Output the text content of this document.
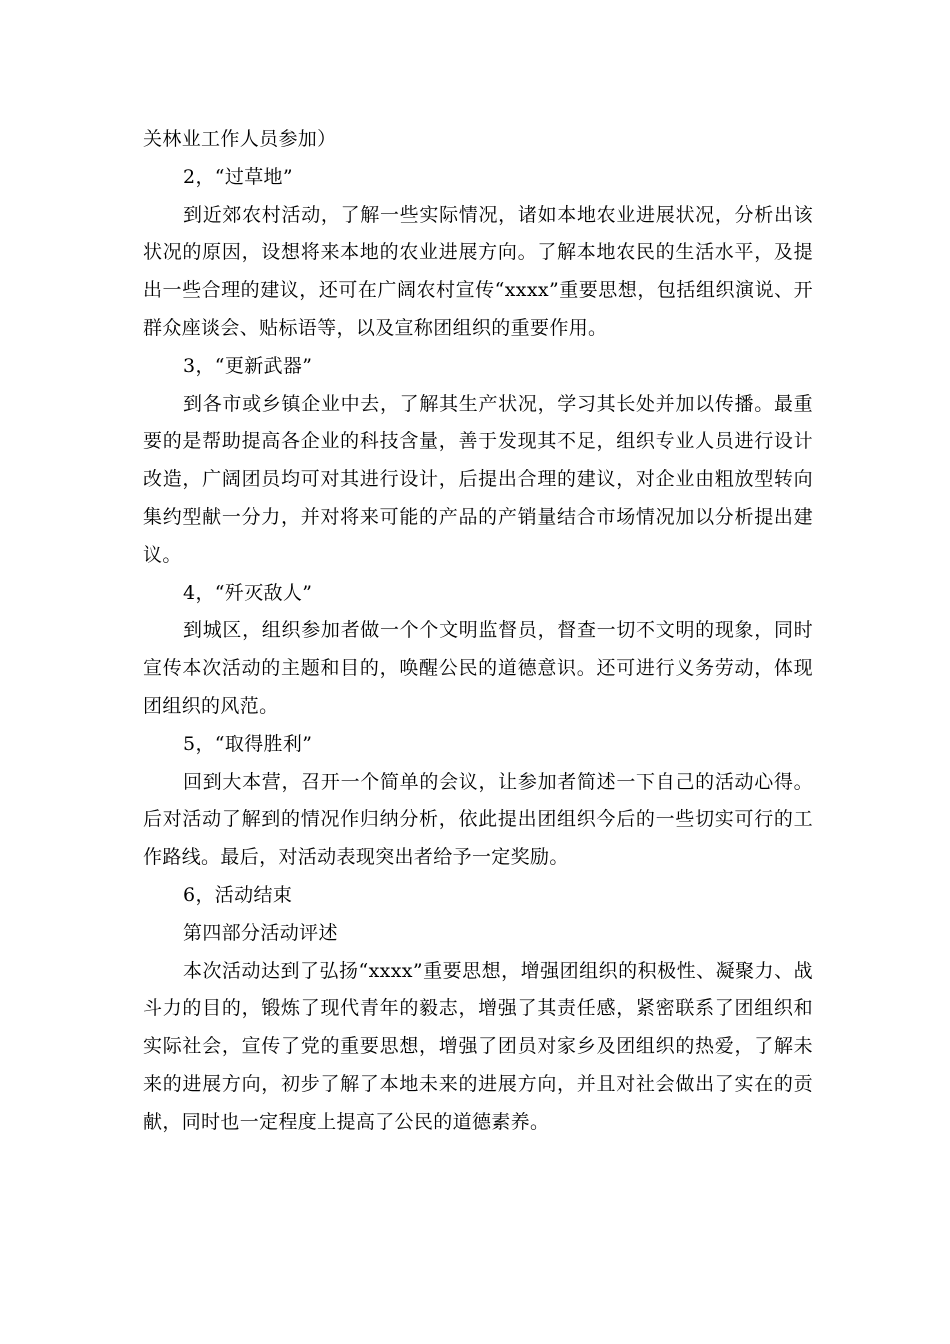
关林业工作人员参加）

2，“过草地”

到近郊农村活动，了解一些实际情况，诸如本地农业进展状况，分析出该状况的原因，设想将来本地的农业进展方向。了解本地农民的生活水平，及提出一些合理的建议，还可在广阔农村宣传“xxxx”重要思想，包括组织演说、开群众座谈会、贴标语等，以及宣称团组织的重要作用。

3，“更新武器”

到各市或乡镇企业中去，了解其生产状况，学习其长处并加以传播。最重要的是帮助提高各企业的科技含量，善于发现其不足，组织专业人员进行设计改造，广阔团员均可对其进行设计，后提出合理的建议，对企业由粗放型转向集约型献一分力，并对将来可能的产品的产销量结合市场情况加以分析提出建议。

4，“歼灭敌人”

到城区，组织参加者做一个个文明监督员，督查一切不文明的现象，同时宣传本次活动的主题和目的，唤醒公民的道德意识。还可进行义务劳动，体现团组织的风范。

5，“取得胜利”

回到大本营，召开一个简单的会议，让参加者简述一下自己的活动心得。后对活动了解到的情况作归纳分析，依此提出团组织今后的一些切实可行的工作路线。最后，对活动表现突出者给予一定奖励。

6，活动结束

第四部分活动评述

本次活动达到了弘扬“xxxx”重要思想，增强团组织的积极性、凝聚力、战斗力的目的，锻炼了现代青年的毅志，增强了其责任感，紧密联系了团组织和实际社会，宣传了党的重要思想，增强了团员对家乡及团组织的热爱，了解未来的进展方向，初步了解了本地未来的进展方向，并且对社会做出了实在的贡献，同时也一定程度上提高了公民的道德素养。
